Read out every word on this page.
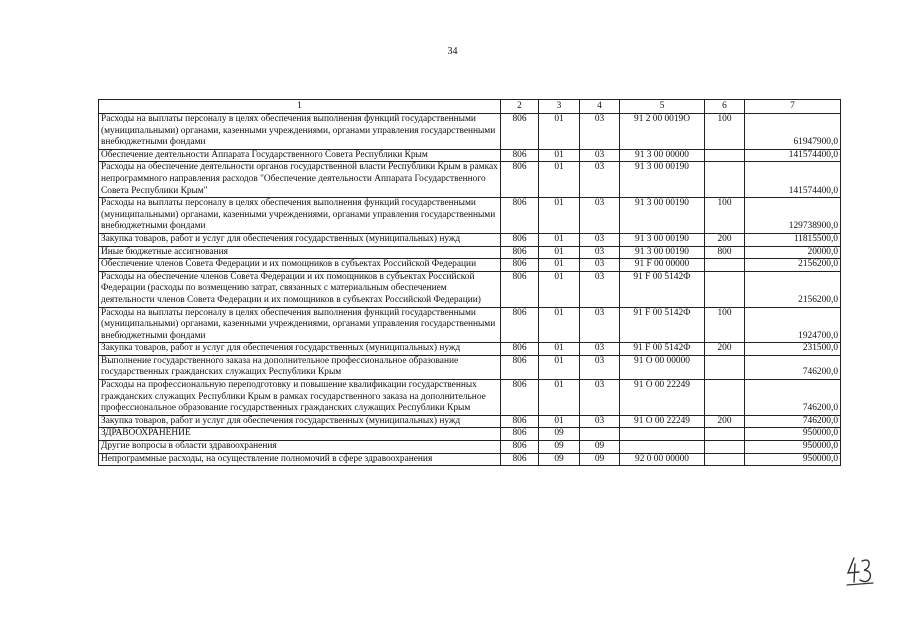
34
1	2	3	4	5	6	7
Расходы на выплаты персоналу в целях обеспечения выполнения функций государственными (муниципальными) органами, казенными учреждениями, органами управления государственными внебюджетными фондами	806	01	03	91 2 00 0019О	100	61947900,0
Обеспечение деятельности Аппарата Государственного Совета Республики Крым	806	01	03	91 3 00 00000		141574400,0
Расходы на обеспечение деятельности органов государственной власти Республики Крым в рамках непрограммного направления расходов "Обеспечение деятельности Аппарата Государственного Совета Республики Крым"	806	01	03	91 3 00 00190		141574400,0
Расходы на выплаты персоналу в целях обеспечения выполнения функций государственными (муниципальными) органами, казенными учреждениями, органами управления государственными внебюджетными фондами	806	01	03	91 3 00 00190	100	129738900,0
Закупка товаров, работ и услуг для обеспечения государственных (муниципальных) нужд	806	01	03	91 3 00 00190	200	11815500,0
Иные бюджетные ассигнования	806	01	03	91 3 00 00190	800	20000,0
Обеспечение членов Совета Федерации и их помощников в субъектах Российской Федерации	806	01	03	91 F 00 00000		2156200,0
Расходы на обеспечение членов Совета Федерации и их помощников в субъектах Российской Федерации (расходы по возмещению затрат, связанных с материальным обеспечением деятельности членов Совета Федерации и их помощников в субъектах Российской Федерации)	806	01	03	91 F 00 5142Ф		2156200,0
Расходы на выплаты персоналу в целях обеспечения выполнения функций государственными (муниципальными) органами, казенными учреждениями, органами управления государственными внебюджетными фондами	806	01	03	91 F 00 5142Ф	100	1924700,0
Закупка товаров, работ и услуг для обеспечения государственных (муниципальных) нужд	806	01	03	91 F 00 5142Ф	200	231500,0
Выполнение государственного заказа на дополнительное профессиональное образование государственных гражданских служащих Республики Крым	806	01	03	91 О 00 00000		746200,0
Расходы на профессиональную переподготовку и повышение квалификации государственных гражданских служащих Республики Крым в рамках государственного заказа на дополнительное профессиональное образование государственных гражданских служащих Республики Крым	806	01	03	91 О 00 22249		746200,0
Закупка товаров, работ и услуг для обеспечения государственных (муниципальных) нужд	806	01	03	91 О 00 22249	200	746200,0
ЗДРАВООХРАНЕНИЕ	806	09				950000,0
Другие вопросы в области здравоохранения	806	09	09			950000,0
Непрограммные расходы, на осуществление полномочий в сфере здравоохранения	806	09	09	92 0 00 00000		950000,0
